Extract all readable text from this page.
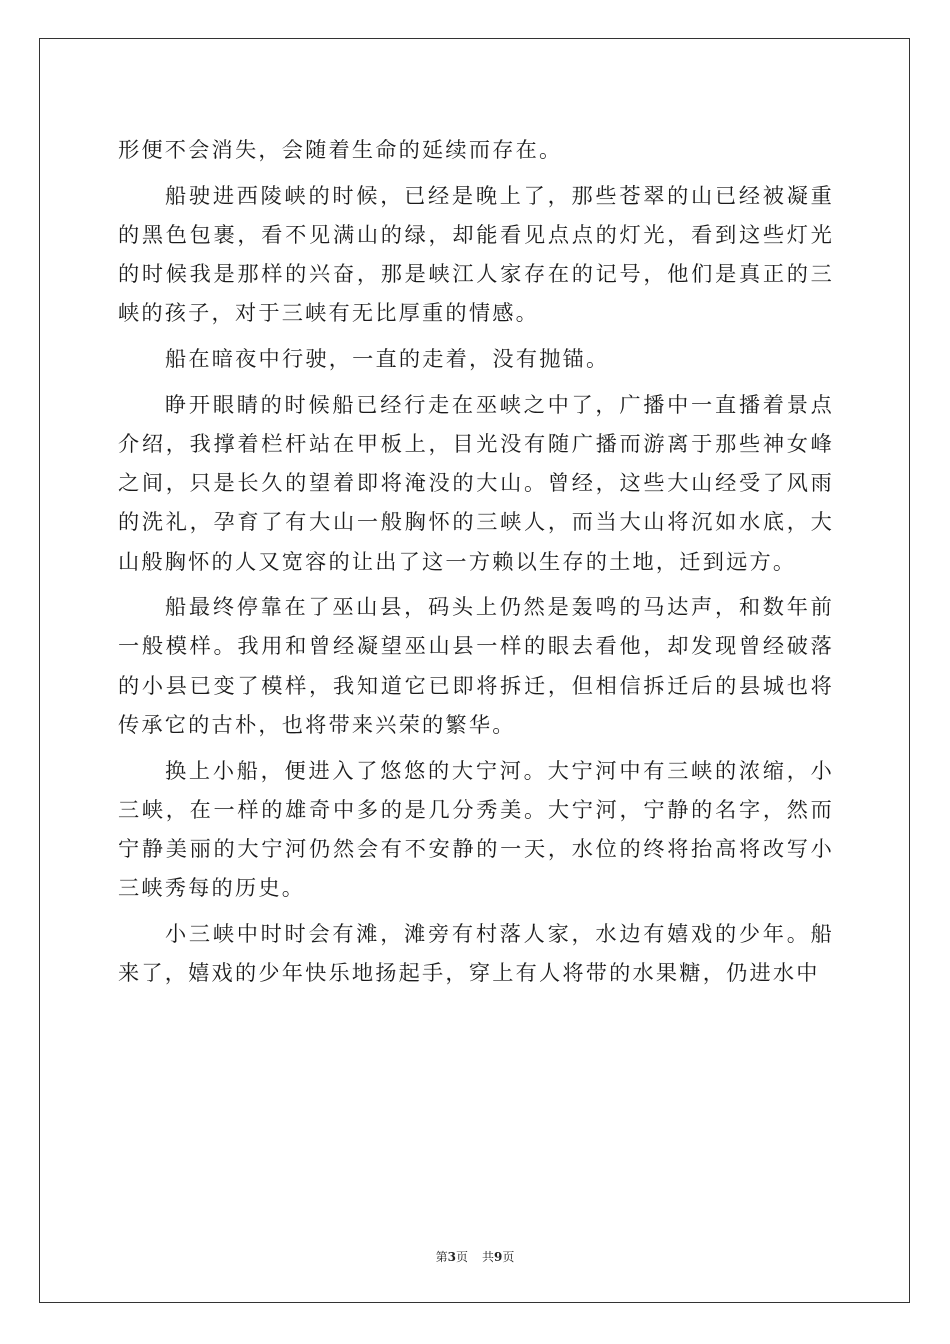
形便不会消失，会随着生命的延续而存在。

船驶进西陵峡的时候，已经是晚上了，那些苍翠的山已经被凝重的黑色包裹，看不见满山的绿，却能看见点点的灯光，看到这些灯光的时候我是那样的兴奋，那是峡江人家存在的记号，他们是真正的三峡的孩子，对于三峡有无比厚重的情感。

船在暗夜中行驶，一直的走着，没有抛锚。

睁开眼睛的时候船已经行走在巫峡之中了，广播中一直播着景点介绍，我撑着栏杆站在甲板上，目光没有随广播而游离于那些神女峰之间，只是长久的望着即将淹没的大山。曾经，这些大山经受了风雨的洗礼，孕育了有大山一般胸怀的三峡人，而当大山将沉如水底，大山般胸怀的人又宽容的让出了这一方赖以生存的土地，迁到远方。

船最终停靠在了巫山县，码头上仍然是轰鸣的马达声，和数年前一般模样。我用和曾经凝望巫山县一样的眼去看他，却发现曾经破落的小县已变了模样，我知道它已即将拆迁，但相信拆迁后的县城也将传承它的古朴，也将带来兴荣的繁华。

换上小船，便进入了悠悠的大宁河。大宁河中有三峡的浓缩，小三峡，在一样的雄奇中多的是几分秀美。大宁河，宁静的名字，然而宁静美丽的大宁河仍然会有不安静的一天，水位的终将抬高将改写小三峡秀每的历史。

小三峡中时时会有滩，滩旁有村落人家，水边有嬉戏的少年。船来了，嬉戏的少年快乐地扬起手，穿上有人将带的水果糖，仍进水中

第3页 共9页
